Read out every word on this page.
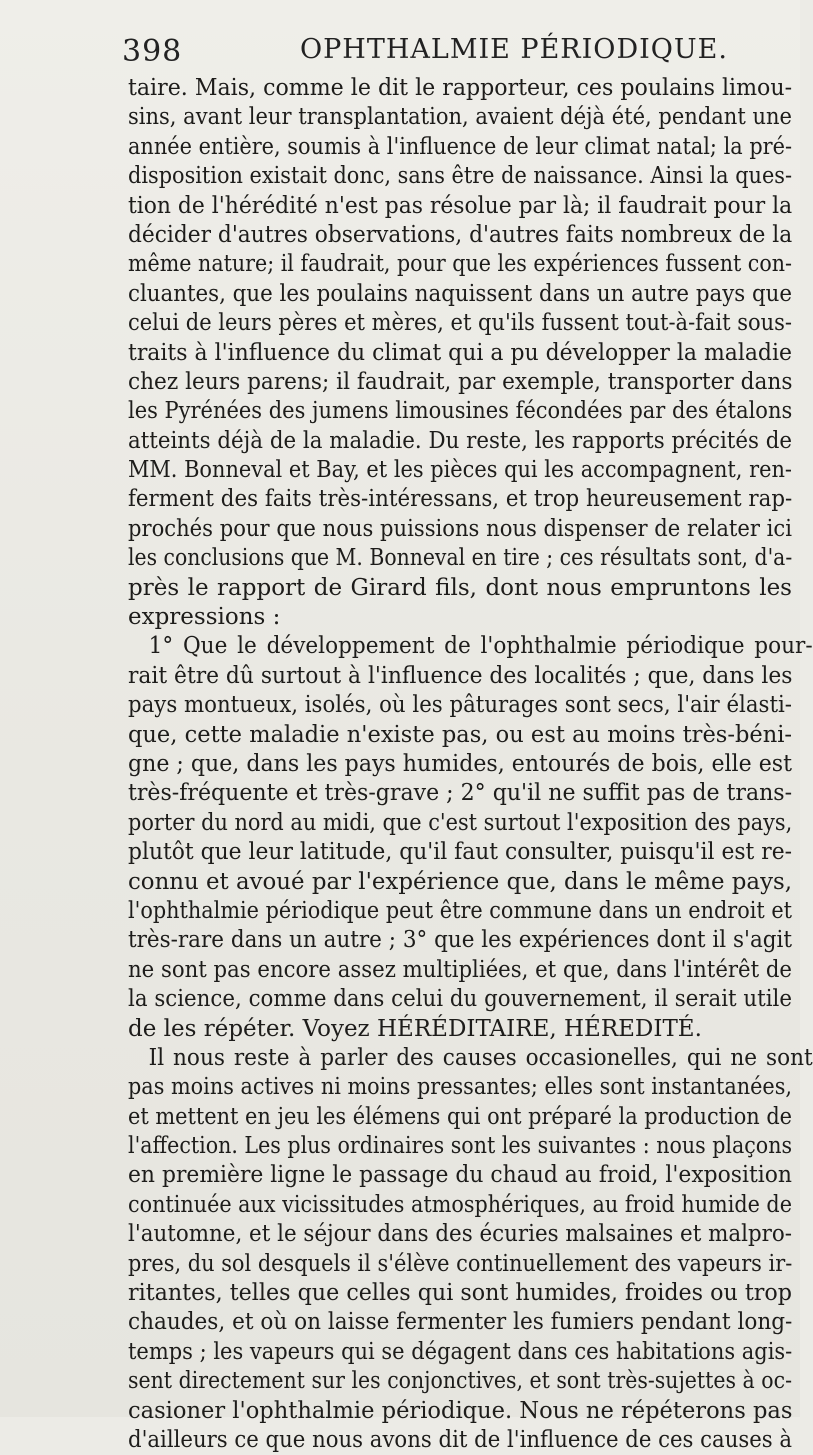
398	OPHTHALMIE PÉRIODIQUE.
taire. Mais, comme le dit le rapporteur, ces poulains limou-
sins, avant leur transplantation, avaient déjà été, pendant une
année entière, soumis à l'influence de leur climat natal; la pré-
disposition existait donc, sans être de naissance. Ainsi la ques-
tion de l'hérédité n'est pas résolue par là; il faudrait pour la
décider d'autres observations, d'autres faits nombreux de la
même nature; il faudrait, pour que les expériences fussent con-
cluantes, que les poulains naquissent dans un autre pays que
celui de leurs pères et mères, et qu'ils fussent tout-à-fait sous-
traits à l'influence du climat qui a pu développer la maladie
chez leurs parens; il faudrait, par exemple, transporter dans
les Pyrénées des jumens limousines fécondées par des étalons
atteints déjà de la maladie. Du reste, les rapports précités de
MM. Bonneval et Bay, et les pièces qui les accompagnent, ren-
ferment des faits très-intéressans, et trop heureusement rap-
prochés pour que nous puissions nous dispenser de relater ici
les conclusions que M. Bonneval en tire ; ces résultats sont, d'a-
près le rapport de Girard fils, dont nous empruntons les
expressions :
1° Que le développement de l'ophthalmie périodique pour-
rait être dû surtout à l'influence des localités ; que, dans les
pays montueux, isolés, où les pâturages sont secs, l'air élasti-
que, cette maladie n'existe pas, ou est au moins très-béni-
gne ; que, dans les pays humides, entourés de bois, elle est
très-fréquente et très-grave ; 2° qu'il ne suffit pas de trans-
porter du nord au midi, que c'est surtout l'exposition des pays,
plutôt que leur latitude, qu'il faut consulter, puisqu'il est re-
connu et avoué par l'expérience que, dans le même pays,
l'ophthalmie périodique peut être commune dans un endroit et
très-rare dans un autre ; 3° que les expériences dont il s'agit
ne sont pas encore assez multipliées, et que, dans l'intérêt de
la science, comme dans celui du gouvernement, il serait utile
de les répéter. Voyez HÉRÉDITAIRE, HÉREDITÉ.
Il nous reste à parler des causes occasionelles, qui ne sont
pas moins actives ni moins pressantes; elles sont instantanées,
et mettent en jeu les élémens qui ont préparé la production de
l'affection. Les plus ordinaires sont les suivantes : nous plaçons
en première ligne le passage du chaud au froid, l'exposition
continuée aux vicissitudes atmosphériques, au froid humide de
l'automne, et le séjour dans des écuries malsaines et malpro-
pres, du sol desquels il s'élève continuellement des vapeurs ir-
ritantes, telles que celles qui sont humides, froides ou trop
chaudes, et où on laisse fermenter les fumiers pendant long-
temps ; les vapeurs qui se dégagent dans ces habitations agis-
sent directement sur les conjonctives, et sont très-sujettes à oc-
casioner l'ophthalmie périodique. Nous ne répéterons pas
d'ailleurs ce que nous avons dit de l'influence de ces causes à
